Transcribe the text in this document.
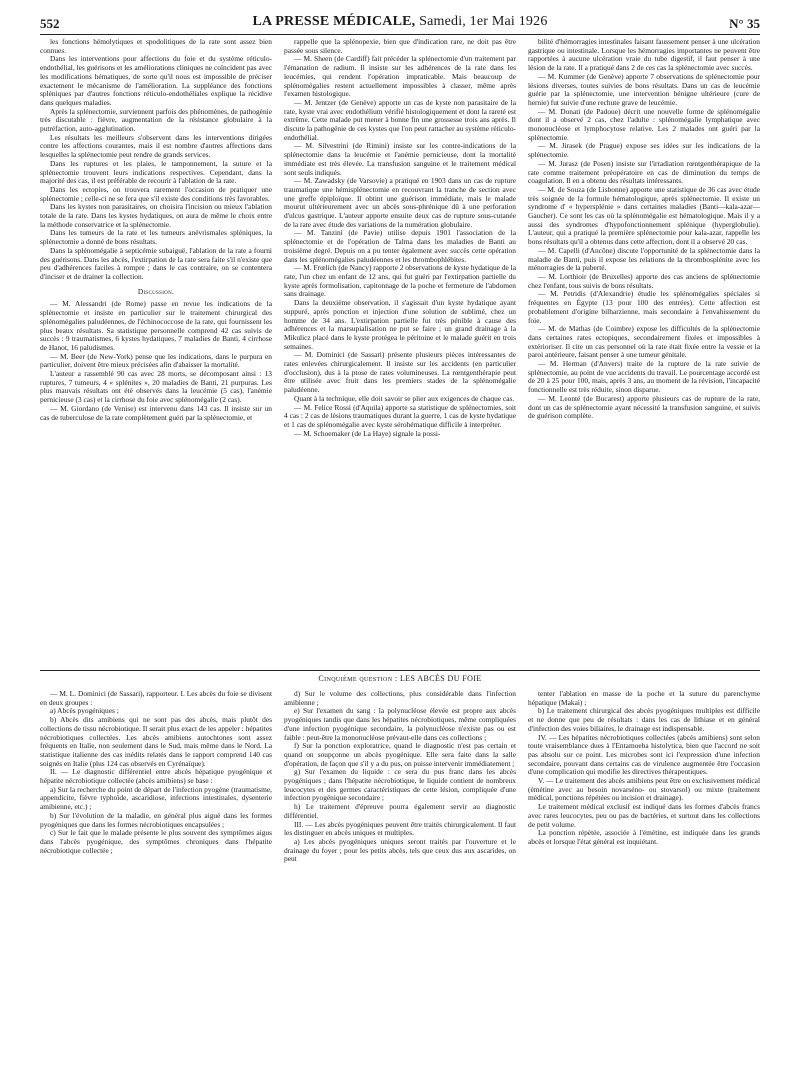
552	LA PRESSE MÉDICALE, Samedi, 1er Mai 1926	N° 35

les fonctions hémolytiques et spodolitiques de la rate sont assez bien connues.

Dans les interventions pour affections du foie et du système réticulo-endothélial, les guérisons et les améliorations cliniques ne coïncident pas avec les modifications hématiques, de sorte qu'il nous est impossible de préciser exactement le mécanisme de l'amélioration. La suppléance des fonctions spléniques par d'autres fonctions réticulo-endothéliales explique la récidive dans quelques maladies.

Après la splénectomie, surviennent parfois des phénomènes, de pathogénie très discutable : fièvre, augmentation de la résistance globulaire à la putréfaction, auto-agglutination.

Les résultats les meilleurs s'observent dans les interventions dirigées contre les affections courantes, mais il est nombre d'autres affections dans lesquelles la splénectomie peut rendre de grands services.

Dans les ruptures et les plaies, le tamponnement, la suture et la splénectomie trouvent leurs indications respectives. Cependant, dans la majorité des cas, il est préférable de recourir à l'ablation de la rate.

Dans les ectopies, on trouvera rarement l'occasion de pratiquer une splénectomie ; celle-ci ne se fera que s'il existe des conditions très favorables.

Dans les kystes non parasitaires, on choisira l'incision ou mieux l'ablation totale de la rate. Dans les kystes hydatiques, on aura de même le choix entre la méthode conservatrice et la splénectomie.

Dans les tumeurs de la rate et les tumeurs anévrismales spléniques, la splénectomie a donné de bons résultats.

Dans la splénomégalie à septicémie subaiguë, l'ablation de la rate a fourni des guérisons. Dans les abcès, l'extirpation de la rate sera faite s'il n'existe que peu d'adhérences faciles à rompre ; dans le cas contraire, on se contentera d'inciser et de drainer la collection.

Discussion.

— M. Alessandri (de Rome) passe en revue les indications de la splénectomie et insiste en particulier sur le traitement chirurgical des splénomégalies paludéennes, de l'échinococcose de la rate, qui fournissent les plus beaux résultats. Sa statistique personnelle comprend 42 cas suivis de succès : 9 traumatismes, 6 kystes hydatiques, 7 maladies de Banti, 4 cirrhose de Hanot, 16 paludismes.

— M. Beer (de New-York) pense que les indications, dans le purpura en particulier, doivent être mieux précisées afin d'abaisser la mortalité.

L'auteur a rassemblé 90 cas avec 28 morts, se décomposant ainsi : 13 ruptures, 7 tumeurs, 4 « splénites », 20 maladies de Banti, 21 purpuras. Les plus mauvais résultats ont été observés dans la leucémie (5 cas), l'anémie pernicieuse (3 cas) et la cirrhose du foie avec splénomégalie (2 cas).

— M. Giordano (de Venise) est intervenu dans 143 cas. Il insiste sur un cas de tuberculose de la rate complètement guéri par la splénectomie, et

rappelle que la splénopexie, bien que d'indication rare, ne doit pas être passée sous silence.

— M. Sheen (de Cardiff) fait précéder la splénectomie d'un traitement par l'émanation de radium. Il insiste sur les adhérences de la rate dans les leucémies, qui rendent l'opération impraticable. Mais beaucoup de splénomégalies restent actuellement impossibles à classer, même après l'examen histologique.

— M. Jentzer (de Genève) apporte un cas de kyste non parasitaire de la rate, kyste vrai avec endothélium vérifié histologiquement et dont la rareté est extrême. Cette malade put mener à bonne fin une grossesse trois ans après. Il discute la pathogénie de ces kystes que l'on peut rattacher au système réticulo-endothélial.

— M. Silvestrini (de Rimini) insiste sur les contre-indications de la splénectomie dans la leucémie et l'anémie pernicieuse, dont la mortalité immédiate est très élevée. La transfusion sanguine et le traitement médical sont seuls indiqués.

— M. Zawadsky (de Varsovie) a pratiqué en 1903 dans un cas de rupture traumatique une hémisplénectomie en recouvrant la tranche de section avec une greffe épiploïque. Il obtint une guérison immédiate, mais le malade mourut ultérieurement avec un abcès sous-phrénique dû à une perforation d'ulcus gastrique. L'auteur apporte ensuite deux cas de rupture sous-cutanée de la rate avec étude des variations de la numération globulaire.

— M. Tanzini (de Pavie) utilise depuis 1901 l'association de la splénectomie et de l'opération de Talma dans les maladies de Banti au troisième degré. Depuis on a pu tenter également avec succès cette opération dans les splénomégalies paludéennes et les thrombophlébites.

— M. Frœlich (de Nancy) rapporte 2 observations de kyste hydatique de la rate, l'un chez un enfant de 12 ans, qui fut guéri par l'extirpation partielle du kyste après formolisation, capitonnage de la poche et fermeture de l'abdomen sans drainage.

Dans la deuxième observation, il s'agissait d'un kyste hydatique ayant suppuré, après ponction et injection d'une solution de sublimé, chez un homme de 34 ans. L'extirpation partielle fut très pénible à cause des adhérences et la marsupialisation ne put se faire ; un grand drainage à la Mikulicz placé dans le kyste protégea le péritoine et le malade guérit en trois semaines.

— M. Dominici (de Sassari) présente plusieurs pièces intéressantes de rates enlevées chirurgicalement. Il insiste sur les accidents (en particulier d'occlusion), dus à la ptose de rates volumineuses. La rœntgenthérapie peut être utilisée avec fruit dans les premiers stades de la splénomégalie paludéenne.

Quant à la technique, elle doit savoir se plier aux exigences de chaque cas.

— M. Felice Rossi (d'Aquila) apporte sa statistique de splénectomies, soit 4 cas : 2 cas de lésions traumatiques durant la guerre, 1 cas de kyste hydatique et 1 cas de splénomégalie avec kyste sérohématique difficile à interpréter.

— M. Schoemaker (de La Haye) signale la possi-

bilité d'hémorragies intestinales faisant faussement penser à une ulcération gastrique ou intestinale. Lorsque les hémorragies importantes ne peuvent être rapportées à aucune ulcération vraie du tube digestif, il faut penser à une lésion de la rate. Il a pratiqué dans 2 de ces cas la splénectomie avec succès.

— M. Kummer (de Genève) apporte 7 observations de splénectomie pour lésions diverses, toutes suivies de bons résultats. Dans un cas de leucémie guérie par la splénectomie, une intervention bénigne ultérieure (cure de hernie) fut suivie d'une rechute grave de leucémie.

— M. Donati (de Padoue) décrit une nouvelle forme de splénomégalie dont il a observé 2 cas, chez l'adulte : splénomégalie lymphatique avec mononucléose et lymphocytose relative. Les 2 malades ont guéri par la splénectomie.

— M. Jirasek (de Prague) expose ses idées sur les indications de la splénectomie.

— M. Jurasz (de Posen) insiste sur l'irradiation rœntgenthérapique de la rate comme traitement préopératoire en cas de diminution du temps de coagulation. Il en a obtenu des résultats intéressants.

— M. de Souza (de Lisbonne) apporte une statistique de 36 cas avec étude très soignée de la formule hématologique, après splénectomie. Il existe un syndrome d' « hypersplénie » dans certaines maladies (Banti—kala-azar—Gaucher). Ce sont les cas où la splénomégalie est hématologique. Mais il y a aussi des syndromes d'hypofonctionnement splénique (hyperglobulie). L'auteur, qui a pratiqué la première splénectomie pour kala-azar, rappelle les bons résultats qu'il a obtenus dans cette affection, dont il a observé 20 cas.

— M. Capelli (d'Ancône) discute l'opportunité de la splénectomie dans la maladie de Banti, puis il expose les relations de la thrombosplénite avec les ménorragies de la puberté.

— M. Lorthioir (de Bruxelles) apporte des cas anciens de splénectomie chez l'enfant, tous suivis de bons résultats.

— M. Petridis (d'Alexandrie) étudie les splénomégalies spéciales si fréquentes en Égypte (13 pour 100 des entrées). Cette affection est probablement d'origine bilharzienne, mais secondaire à l'envahissement du foie.

— M. de Mathas (de Coimbre) expose les difficultés de la splénectomie dans certaines rates ectopiques, secondairement fixées et impossibles à extérioriser. Il cite un cas personnel où la rate était fixée entre la vessie et la paroi antérieure, faisant penser à une tumeur génitale.

— M. Herman (d'Anvers) traite de la rupture de la rate suivie de splénectomie, au point de vue accidents du travail. Le pourcentage accordé est de 20 à 25 pour 100, mais, après 3 ans, au moment de la révision, l'incapacité fonctionnelle est très réduite, sinon disparue.

— M. Leonté (de Bucarest) apporte plusieurs cas de rupture de la rate, dont un cas de splénectomie ayant nécessité la transfusion sanguine, et suivis de guérison complète.

Cinquième question : LES ABCÈS DU FOIE

— M. L. Dominici (de Sassari), rapporteur. I. Les abcès du foie se divisent en deux groupes :

a) Abcès pyogéniques ;

b) Abcès dits amibiens qui ne sont pas des abcès, mais plutôt des collections de tissu nécrobiotique. Il serait plus exact de les appeler : hépatites nécrobiotiques collectées. Les abcès amibiens autochtones sont assez fréquents en Italie, non seulement dans le Sud, mais même dans le Nord. La statistique italienne des cas inédits relatés dans le rapport comprend 140 cas soignés en Italie (plus 124 cas observés en Cyrénaïque).

II. — Le diagnostic différentiel entre abcès hépatique pyogénique et hépatite nécrobiotique collectée (abcès amibiens) se base :

a) Sur la recherche du point de départ de l'infection pyogène (traumatisme, appendicite, fièvre typhoïde, ascaridiose, infections intestinales, dysenterie amibienne, etc.) ;

b) Sur l'évolution de la maladie, en général plus aiguë dans les formes pyogéniques que dans les formes nécrobiotiques encapsulées ;

c) Sur le fait que le malade présente le plus souvent des symptômes aigus dans l'abcès pyogénique, des symptômes chroniques dans l'hépatite nécrobiotique collectée ;

d) Sur le volume des collections, plus considérable dans l'infection amibienne ;

e) Sur l'examen du sang : la polynucléose élevée est propre aux abcès pyogéniques tandis que dans les hépatites nécrobiotiques, même compliquées d'une infection pyogénique secondaire, la polynucléose n'existe pas ou est faible : peut-être la mononucléose prévaut-elle dans ces collections ;

f) Sur la ponction exploratrice, quand le diagnostic n'est pas certain et quand on soupçonne un abcès pyogénique. Elle sera faite dans la salle d'opération, de façon que s'il y a du pus, on puisse intervenir immédiatement ;

g) Sur l'examen du liquide : ce sera du pus franc dans les abcès pyogéniques ; dans l'hépatite nécrobiotique, le liquide contient de nombreux leucocytes et des germes caractéristiques de cette lésion, compliquée d'une infection pyogénique secondaire ;

h) Le traitement d'épreuve pourra également servir au diagnostic différentiel.

III. — Les abcès pyogéniques peuvent être traités chirurgicalement. Il faut les distinguer en abcès uniques et multiples.

a) Les abcès pyogéniques uniques seront traités par l'ouverture et le drainage du foyer ; pour les petits abcès, tels que ceux dus aux ascarides, on peut

tenter l'ablation en masse de la poche et la suture du parenchyme hépatique (Makai) ;

b) Le traitement chirurgical des abcès pyogéniques multiples est difficile et ne donne que peu de résultats : dans les cas de lithiase et en général d'infection des voies biliaires, le drainage est indispensable.

IV. — Les hépatites nécrobiotiques collectées (abcès amibiens) sont selon toute vraisemblance dues à l'Entamoeba histolytica, bien que l'accord ne soit pas absolu sur ce point. Les microbes sont ici l'expression d'une infection secondaire, pouvant dans certains cas de virulence augmentée être l'occasion d'une complication qui modifie les directives thérapeutiques.

V. — Le traitement des abcès amibiens peut être ou exclusivement médical (émétine avec au besoin novarséno- ou stovarsol) ou mixte (traitement médical, ponctions répétées ou incision et drainage).

Le traitement médical exclusif est indiqué dans les formes d'abcès francs avec rares leucocytes, peu ou pas de bactéries, et surtout dans les collections de petit volume.

La ponction répétée, associée à l'émétine, est indiquée dans les grands abcès et lorsque l'état général est inquiétant.
